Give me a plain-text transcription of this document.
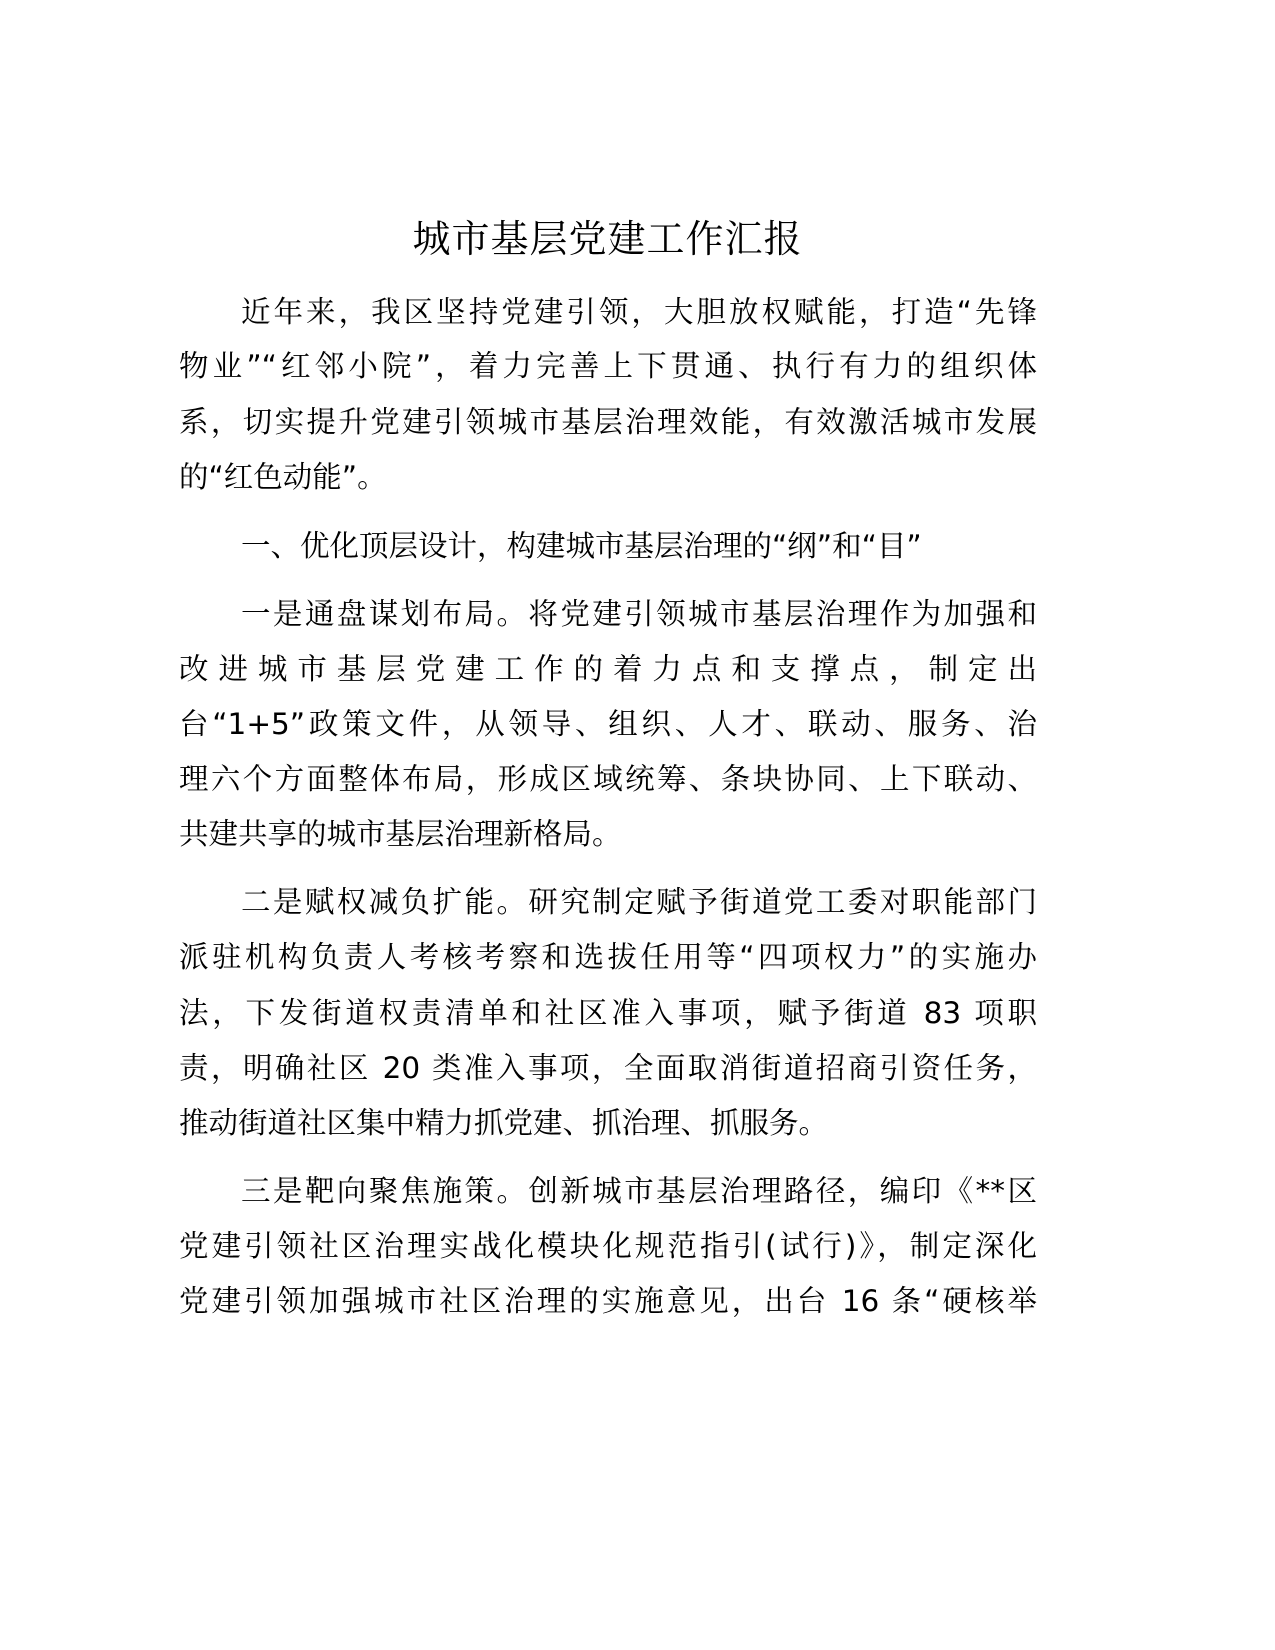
城市基层党建工作汇报

近年来，我区坚持党建引领，大胆放权赋能，打造“先锋

物业”“红邻小院”，着力完善上下贯通、执行有力的组织体

系，切实提升党建引领城市基层治理效能，有效激活城市发展

的“红色动能”。

一、优化顶层设计，构建城市基层治理的“纲”和“目”

一是通盘谋划布局。将党建引领城市基层治理作为加强和

改进城市基层党建工作的着力点和支撑点，制定出

台“1+5”政策文件，从领导、组织、人才、联动、服务、治

理六个方面整体布局，形成区域统筹、条块协同、上下联动、

共建共享的城市基层治理新格局。

二是赋权减负扩能。研究制定赋予街道党工委对职能部门

派驻机构负责人考核考察和选拔任用等“四项权力”的实施办

法，下发街道权责清单和社区准入事项，赋予街道 83 项职

责，明确社区 20 类准入事项，全面取消街道招商引资任务，

推动街道社区集中精力抓党建、抓治理、抓服务。

三是靶向聚焦施策。创新城市基层治理路径，编印《**区

党建引领社区治理实战化模块化规范指引(试行)》，制定深化

党建引领加强城市社区治理的实施意见，出台 16 条“硬核举
